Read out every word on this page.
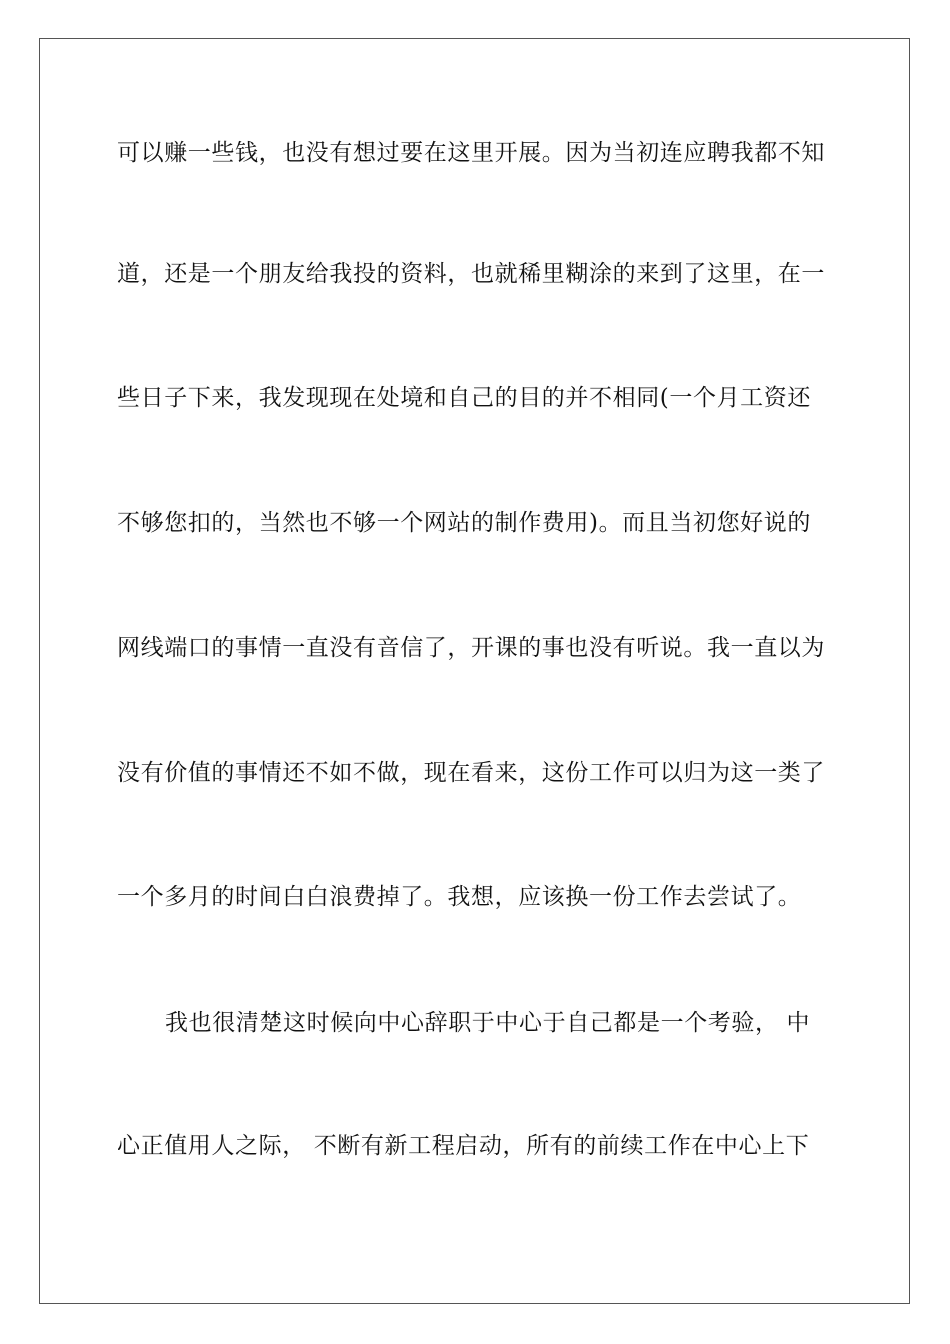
可以赚一些钱，也没有想过要在这里开展。因为当初连应聘我都不知
道，还是一个朋友给我投的资料，也就稀里糊涂的来到了这里，在一
些日子下来，我发现现在处境和自己的目的并不相同(一个月工资还
不够您扣的，当然也不够一个网站的制作费用)。而且当初您好说的
网线端口的事情一直没有音信了，开课的事也没有听说。我一直以为
没有价值的事情还不如不做，现在看来，这份工作可以归为这一类了
一个多月的时间白白浪费掉了。我想，应该换一份工作去尝试了。
我也很清楚这时候向中心辞职于中心于自己都是一个考验， 中
心正值用人之际， 不断有新工程启动，所有的前续工作在中心上下
